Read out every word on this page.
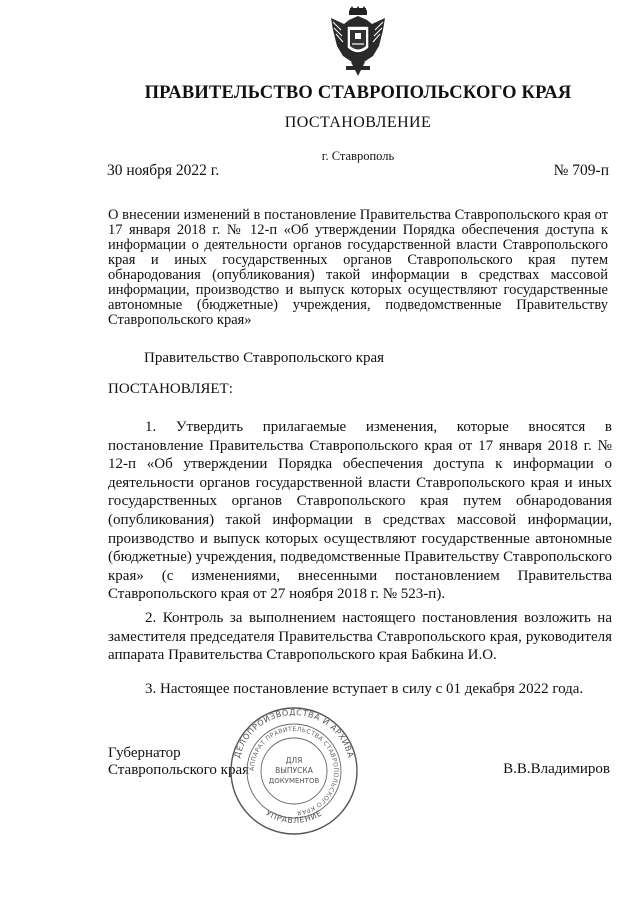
ПРАВИТЕЛЬСТВО СТАВРОПОЛЬСКОГО КРАЯ
ПОСТАНОВЛЕНИЕ
г. Ставрополь
30 ноября 2022 г.	№ 709-п
О внесении изменений в постановление Правительства Ставропольского края от 17 января 2018 г. № 12-п «Об утверждении Порядка обеспечения доступа к информации о деятельности органов государственной власти Ставропольского края и иных государственных органов Ставропольского края путем обнародования (опубликования) такой информации в средствах массовой информации, производство и выпуск которых осуществляют государственные автономные (бюджетные) учреждения, подведомственные Правительству Ставропольского края»
Правительство Ставропольского края
ПОСТАНОВЛЯЕТ:

1. Утвердить прилагаемые изменения, которые вносятся в постановление Правительства Ставропольского края от 17 января 2018 г. № 12-п «Об утверждении Порядка обеспечения доступа к информации о деятельности органов государственной власти Ставропольского края и иных государственных органов Ставропольского края путем обнародования (опубликования) такой информации в средствах массовой информации, производство и выпуск которых осуществляют государственные автономные (бюджетные) учреждения, подведомственные Правительству Ставропольского края» (с изменениями, внесенными постановлением Правительства Ставропольского края от 27 ноября 2018 г. № 523-п).

2. Контроль за выполнением настоящего постановления возложить на заместителя председателя Правительства Ставропольского края, руководителя аппарата Правительства Ставропольского края Бабкина И.О.

3. Настоящее постановление вступает в силу с 01 декабря 2022 года.

Губернатор
Ставропольского края	В.В.Владимиров
ДЕЛОПРОИЗВОДСТВА И АРХИВА
УПРАВЛЕНИЕ
АППАРАТ ПРАВИТЕЛЬСТВА СТАВРОПОЛЬСКОГО КРАЯ
ДЛЯ
ВЫПУСКА
ДОКУМЕНТОВ
